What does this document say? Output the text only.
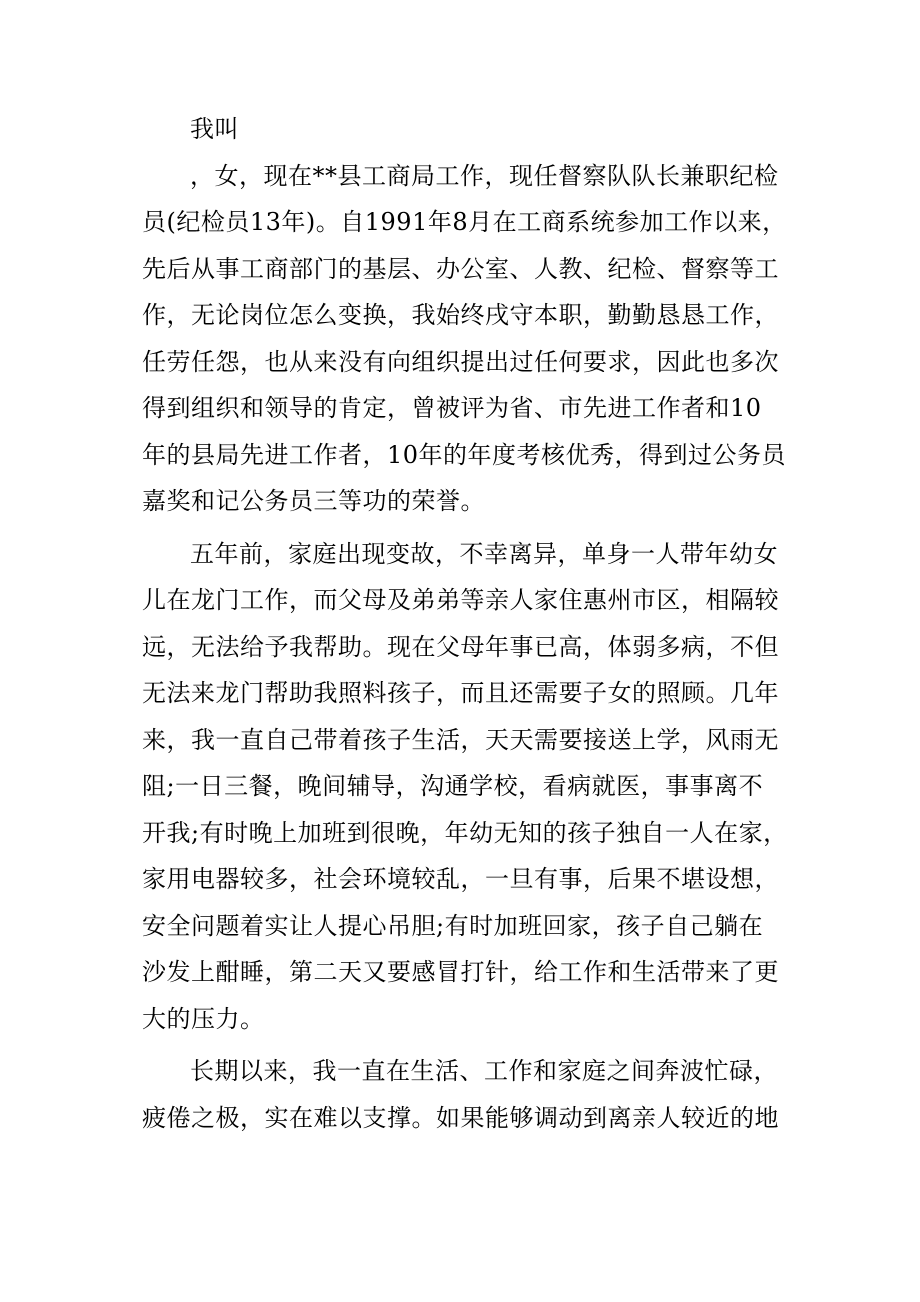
我叫
，女，现在**县工商局工作，现任督察队队长兼职纪检
员(纪检员13年)。自1991年8月在工商系统参加工作以来，
先后从事工商部门的基层、办公室、人教、纪检、督察等工
作，无论岗位怎么变换，我始终戌守本职，勤勤恳恳工作，
任劳任怨，也从来没有向组织提出过任何要求，因此也多次
得到组织和领导的肯定，曾被评为省、市先进工作者和10
年的县局先进工作者，10年的年度考核优秀，得到过公务员
嘉奖和记公务员三等功的荣誉。
五年前，家庭出现变故，不幸离异，单身一人带年幼女
儿在龙门工作，而父母及弟弟等亲人家住惠州市区，相隔较
远，无法给予我帮助。现在父母年事已高，体弱多病，不但
无法来龙门帮助我照料孩子，而且还需要子女的照顾。几年
来，我一直自己带着孩子生活，天天需要接送上学，风雨无
阻;一日三餐，晚间辅导，沟通学校，看病就医，事事离不
开我;有时晚上加班到很晚，年幼无知的孩子独自一人在家，
家用电器较多，社会环境较乱，一旦有事，后果不堪设想，
安全问题着实让人提心吊胆;有时加班回家，孩子自己躺在
沙发上酣睡，第二天又要感冒打针，给工作和生活带来了更
大的压力。
长期以来，我一直在生活、工作和家庭之间奔波忙碌，
疲倦之极，实在难以支撑。如果能够调动到离亲人较近的地
